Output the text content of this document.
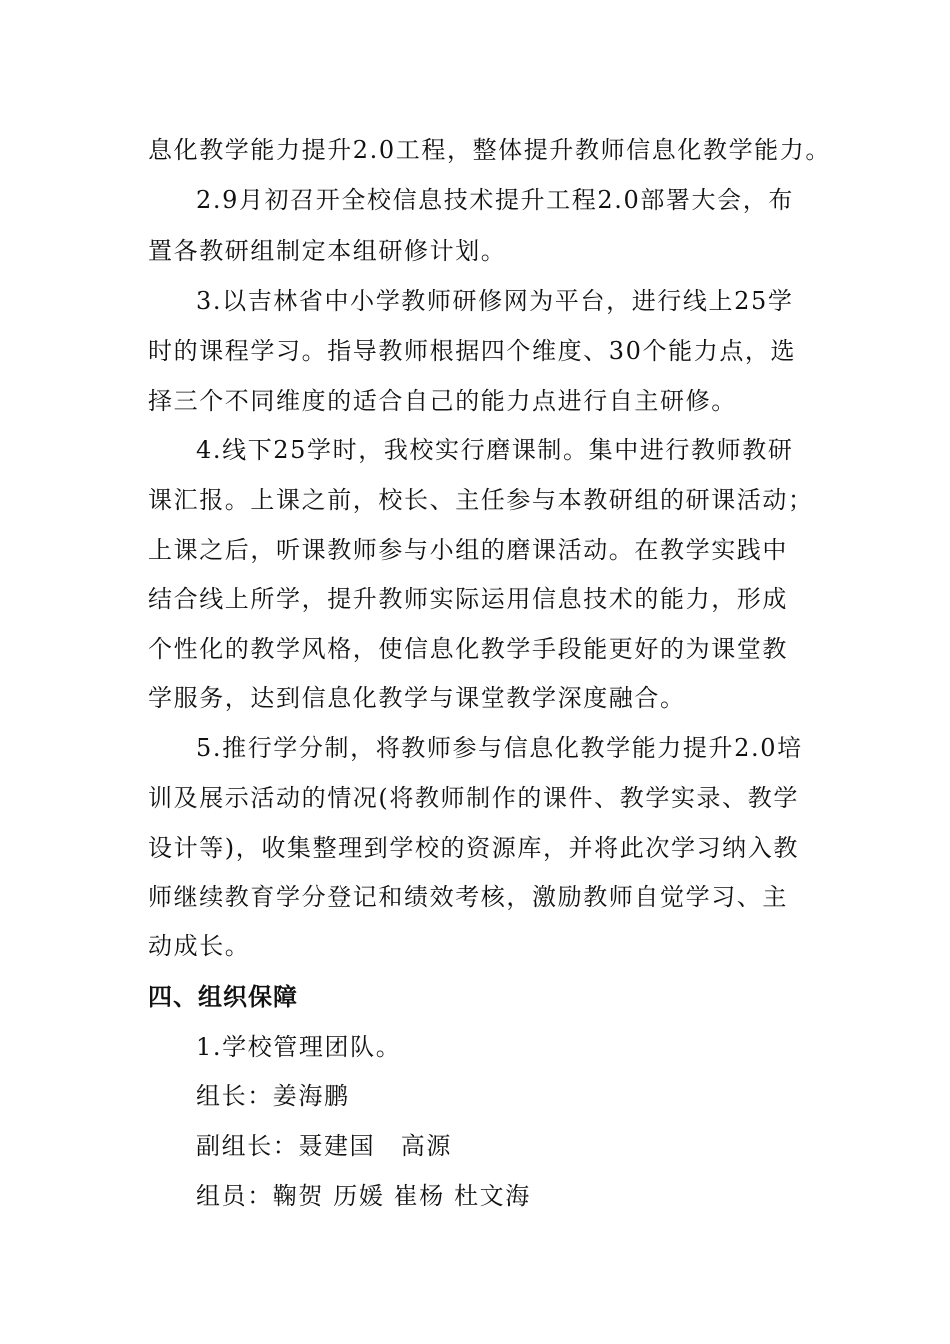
息化教学能力提升2.0工程，整体提升教师信息化教学能力。
2.9月初召开全校信息技术提升工程2.0部署大会，布
置各教研组制定本组研修计划。
3.以吉林省中小学教师研修网为平台，进行线上25学
时的课程学习。指导教师根据四个维度、30个能力点，选
择三个不同维度的适合自己的能力点进行自主研修。
4.线下25学时，我校实行磨课制。集中进行教师教研
课汇报。上课之前，校长、主任参与本教研组的研课活动；
上课之后，听课教师参与小组的磨课活动。在教学实践中
结合线上所学，提升教师实际运用信息技术的能力，形成
个性化的教学风格，使信息化教学手段能更好的为课堂教
学服务，达到信息化教学与课堂教学深度融合。
5.推行学分制，将教师参与信息化教学能力提升2.0培
训及展示活动的情况(将教师制作的课件、教学实录、教学
设计等)，收集整理到学校的资源库，并将此次学习纳入教
师继续教育学分登记和绩效考核，激励教师自觉学习、主
动成长。
四、组织保障
1.学校管理团队。
组长：姜海鹏
副组长：聂建国　高源
组员：鞠贺 历媛 崔杨 杜文海
